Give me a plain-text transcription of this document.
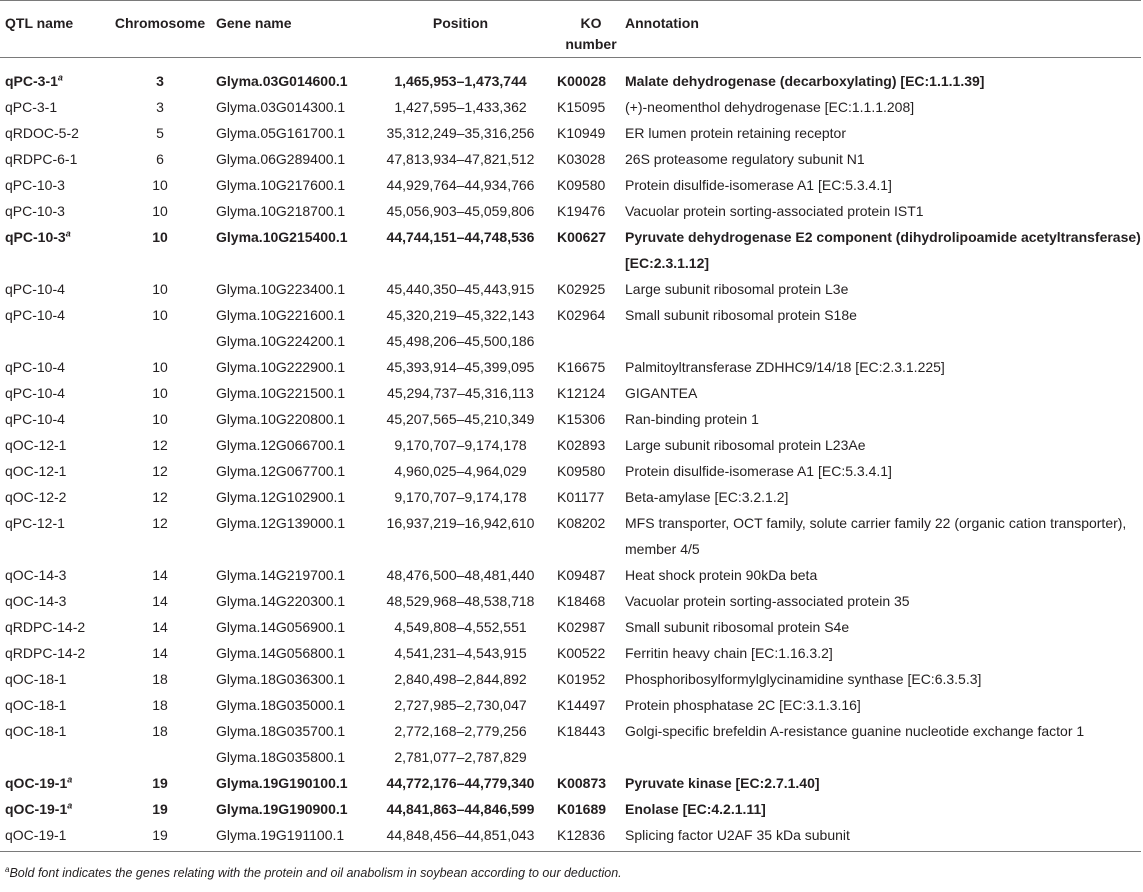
QTL name	Chromosome	Gene name	Position	KO
number	Annotation
qPC-3-1$^a$	3	Glyma.03G014600.1	1,465,953–1,473,744	K00028	Malate dehydrogenase (decarboxylating) [EC:1.1.1.39]
qPC-3-1	3	Glyma.03G014300.1	1,427,595–1,433,362	K15095	(+)-neomenthol dehydrogenase [EC:1.1.1.208]
qRDOC-5-2	5	Glyma.05G161700.1	35,312,249–35,316,256	K10949	ER lumen protein retaining receptor
qRDPC-6-1	6	Glyma.06G289400.1	47,813,934–47,821,512	K03028	26S proteasome regulatory subunit N1
qPC-10-3	10	Glyma.10G217600.1	44,929,764–44,934,766	K09580	Protein disulfide-isomerase A1 [EC:5.3.4.1]
qPC-10-3	10	Glyma.10G218700.1	45,056,903–45,059,806	K19476	Vacuolar protein sorting-associated protein IST1
qPC-10-3$^a$	10	Glyma.10G215400.1	44,744,151–44,748,536	K00627	Pyruvate dehydrogenase E2 component (dihydrolipoamide acetyltransferase) [EC:2.3.1.12]
qPC-10-4	10	Glyma.10G223400.1	45,440,350–45,443,915	K02925	Large subunit ribosomal protein L3e
qPC-10-4	10	Glyma.10G221600.1	45,320,219–45,322,143	K02964	Small subunit ribosomal protein S18e
		Glyma.10G224200.1	45,498,206–45,500,186		
qPC-10-4	10	Glyma.10G222900.1	45,393,914–45,399,095	K16675	Palmitoyltransferase ZDHHC9/14/18 [EC:2.3.1.225]
qPC-10-4	10	Glyma.10G221500.1	45,294,737–45,316,113	K12124	GIGANTEA
qPC-10-4	10	Glyma.10G220800.1	45,207,565–45,210,349	K15306	Ran-binding protein 1
qOC-12-1	12	Glyma.12G066700.1	9,170,707–9,174,178	K02893	Large subunit ribosomal protein L23Ae
qOC-12-1	12	Glyma.12G067700.1	4,960,025–4,964,029	K09580	Protein disulfide-isomerase A1 [EC:5.3.4.1]
qOC-12-2	12	Glyma.12G102900.1	9,170,707–9,174,178	K01177	Beta-amylase [EC:3.2.1.2]
qPC-12-1	12	Glyma.12G139000.1	16,937,219–16,942,610	K08202	MFS transporter, OCT family, solute carrier family 22 (organic cation transporter), member 4/5
qOC-14-3	14	Glyma.14G219700.1	48,476,500–48,481,440	K09487	Heat shock protein 90kDa beta
qOC-14-3	14	Glyma.14G220300.1	48,529,968–48,538,718	K18468	Vacuolar protein sorting-associated protein 35
qRDPC-14-2	14	Glyma.14G056900.1	4,549,808–4,552,551	K02987	Small subunit ribosomal protein S4e
qRDPC-14-2	14	Glyma.14G056800.1	4,541,231–4,543,915	K00522	Ferritin heavy chain [EC:1.16.3.2]
qOC-18-1	18	Glyma.18G036300.1	2,840,498–2,844,892	K01952	Phosphoribosylformylglycinamidine synthase [EC:6.3.5.3]
qOC-18-1	18	Glyma.18G035000.1	2,727,985–2,730,047	K14497	Protein phosphatase 2C [EC:3.1.3.16]
qOC-18-1	18	Glyma.18G035700.1	2,772,168–2,779,256	K18443	Golgi-specific brefeldin A-resistance guanine nucleotide exchange factor 1
		Glyma.18G035800.1	2,781,077–2,787,829		
qOC-19-1$^a$	19	Glyma.19G190100.1	44,772,176–44,779,340	K00873	Pyruvate kinase [EC:2.7.1.40]
qOC-19-1$^a$	19	Glyma.19G190900.1	44,841,863–44,846,599	K01689	Enolase [EC:4.2.1.11]
qOC-19-1	19	Glyma.19G191100.1	44,848,456–44,851,043	K12836	Splicing factor U2AF 35 kDa subunit
$^a$Bold font indicates the genes relating with the protein and oil anabolism in soybean according to our deduction.
